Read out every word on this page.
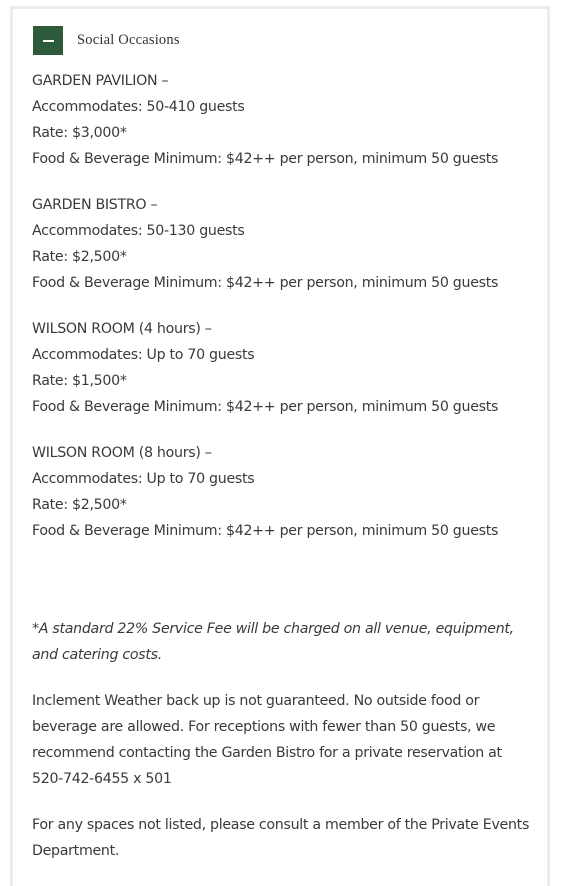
Social Occasions
GARDEN PAVILION –
Accommodates: 50-410 guests
Rate: $3,000*
Food & Beverage Minimum: $42++ per person, minimum 50 guests
GARDEN BISTRO –
Accommodates: 50-130 guests
Rate: $2,500*
Food & Beverage Minimum: $42++ per person, minimum 50 guests
WILSON ROOM (4 hours) –
Accommodates: Up to 70 guests
Rate: $1,500*
Food & Beverage Minimum: $42++ per person, minimum 50 guests
WILSON ROOM (8 hours) –
Accommodates: Up to 70 guests
Rate: $2,500*
Food & Beverage Minimum: $42++ per person, minimum 50 guests

*A standard 22% Service Fee will be charged on all venue, equipment, and catering costs.

Inclement Weather back up is not guaranteed. No outside food or beverage are allowed. For receptions with fewer than 50 guests, we recommend contacting the Garden Bistro for a private reservation at 520-742-6455 x 501

For any spaces not listed, please consult a member of the Private Events Department.
